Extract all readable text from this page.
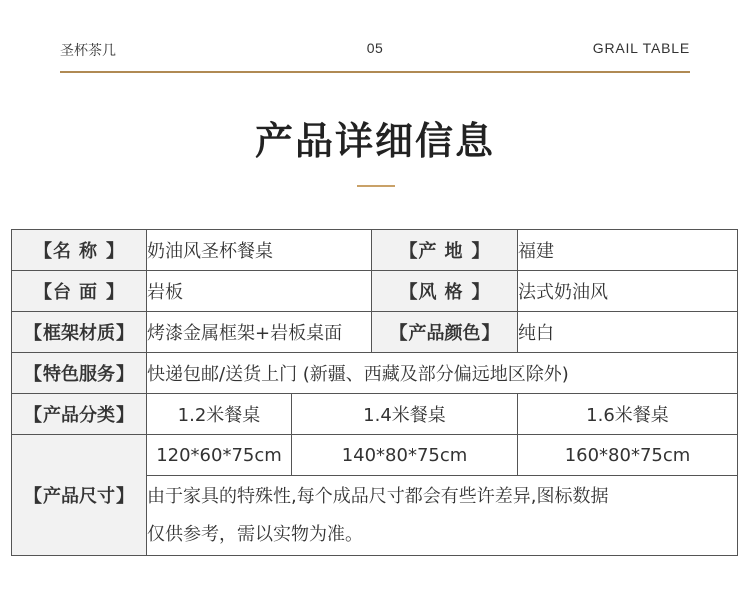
圣杯茶几	05	GRAIL TABLE
产品详细信息
【名称】	奶油风圣杯餐桌		【产地】	福建	
【台面】	岩板		【风格】	法式奶油风	
【框架材质】	烤漆金属框架+岩板桌面		【产品颜色】	纯白	
【特色服务】	快递包邮/送货上门 (新疆、西藏及部分偏远地区除外)				
【产品分类】	1.2米餐桌	1.4米餐桌		1.6米餐桌	
【产品尺寸】	120*60*75cm	140*80*75cm		160*80*75cm	

	由于家具的特殊性,每个成品尺寸都会有些许差异,图标数据
仅供参考，需以实物为准。				
